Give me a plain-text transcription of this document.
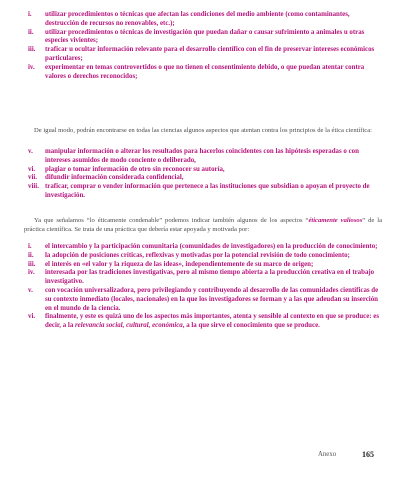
i.	utilizar procedimientos o técnicas que afectan las condiciones del medio ambiente (como contaminantes, destrucción de recursos no renovables, etc.);
ii.	utilizar procedimientos o técnicas de investigación que puedan dañar o causar sufrimiento a animales u otras especies vivientes;
iii.	traficar u ocultar información relevante para el desarrollo científico con el fin de preservar intereses económicos particulares;
iv.	experimentar en temas controvertidos o que no tienen el consentimiento debido, o que puedan atentar contra valores o derechos reconocidos;

De igual modo, podrán encontrarse en todas las ciencias algunos aspectos que atentan contra los principios de la ética científica:

v.	manipular información o alterar los resultados para hacerlos coincidentes con las hipótesis esperadas o con intereses asumidos de modo conciente o deliberado,
vi.	plagiar o tomar información de otro sin reconocer su autoría,
vii.	difundir información considerada confidencial,
viii. traficar, comprar o vender información que pertenece a las instituciones que subsidian o apoyan el proyecto de investigación.

Ya que señalamos “lo éticamente condenable” podemos indicar también algunos de los aspectos “éticamente valiosos” de la práctica científica. Se trata de una práctica que debería estar apoyada y motivada por:

i.	el intercambio y la participación comunitaria (comunidades de investigadores) en la producción de conocimiento;
ii.	la adopción de posiciones críticas, reflexivas y motivadas por la potencial revisión de todo conocimiento;
iii.	el interés en «el valor y la riqueza de las ideas», independientemente de su marco de origen;
iv.	interesada por las tradiciones investigativas, pero al mismo tiempo abierta a la producción creativa en el trabajo investigativo.
v.	con vocación universalizadora, pero privilegiando y contribuyendo al desarrollo de las comunidades científicas de su contexto inmediato (locales, nacionales) en la que los investigadores se forman y a las que adeudan su inserción en el mundo de la ciencia.
vi.	finalmente, y este es quizá uno de los aspectos más importantes, atenta y sensible al contexto en que se produce: es decir, a la relevancia social, cultural, económica, a la que sirve el conocimiento que se produce.
Anexo	165
